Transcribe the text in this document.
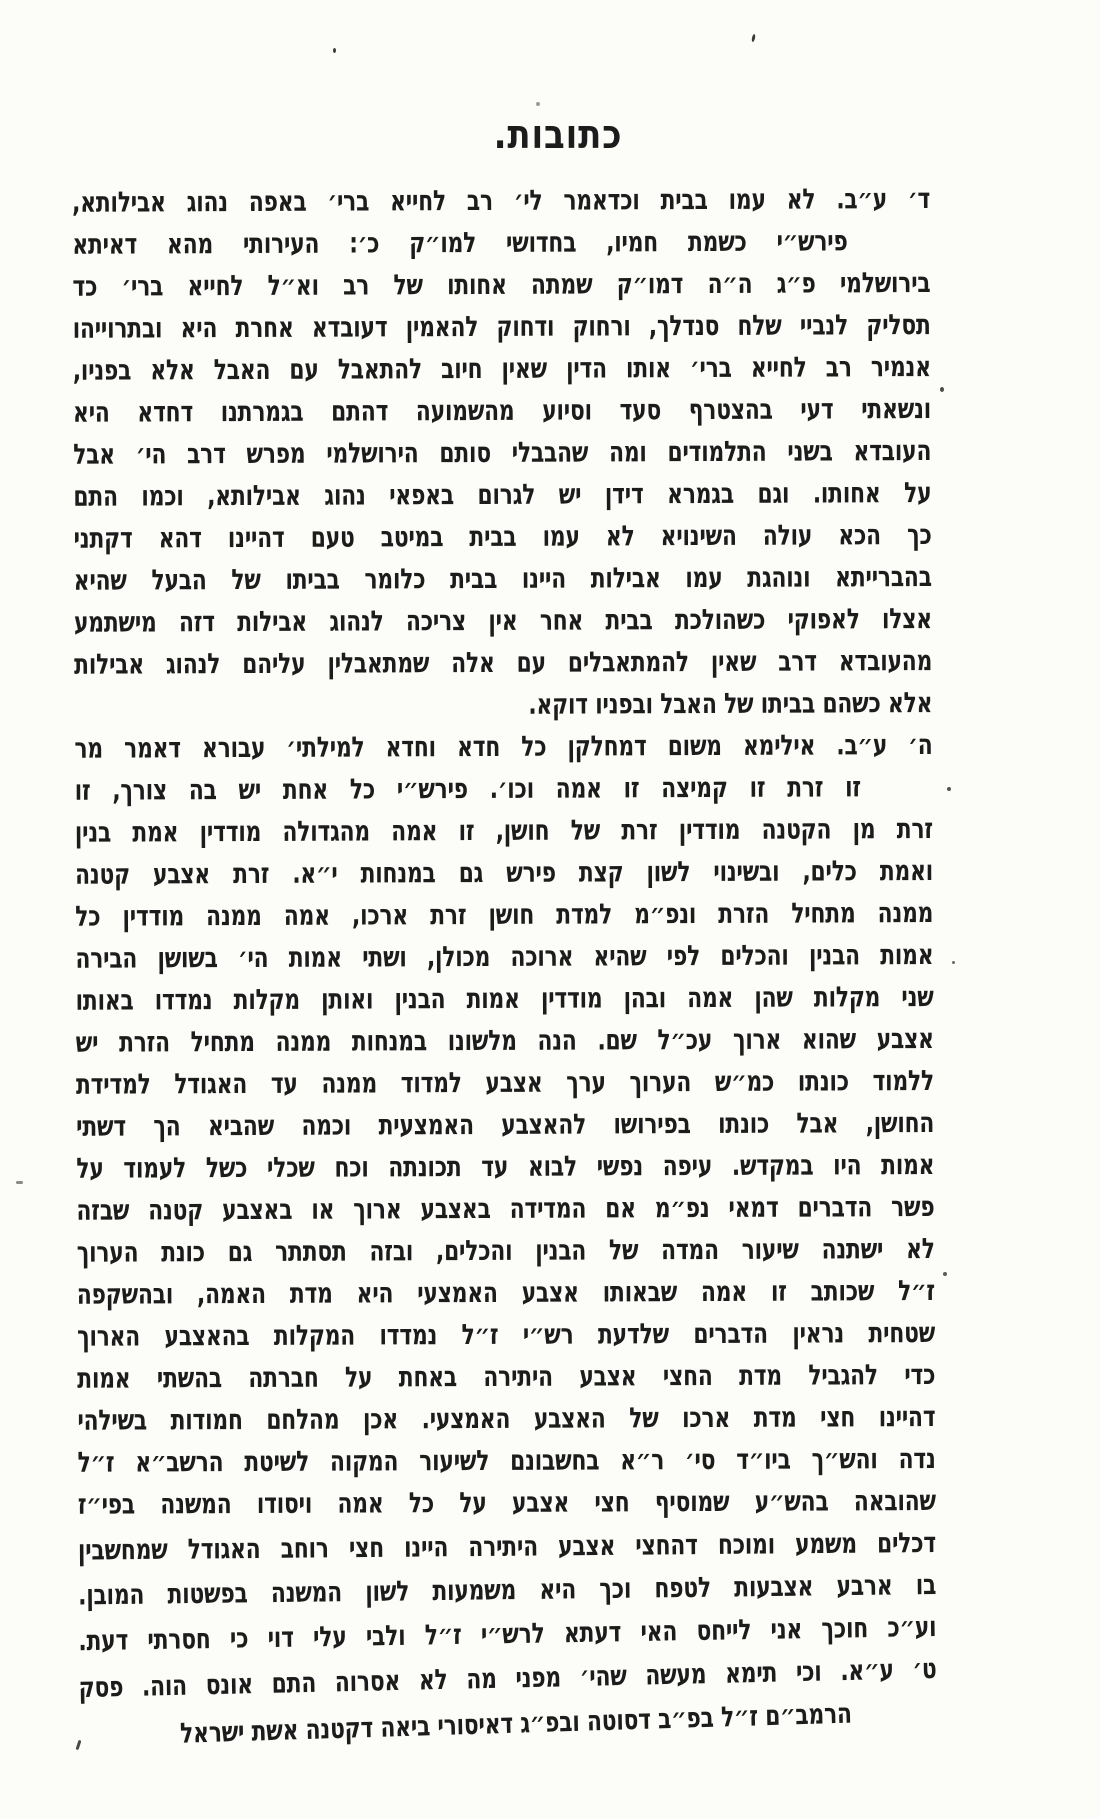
כתובות.
ד׳ ע״ב. לא עמו בבית וכדאמר לי׳ רב לחייא ברי׳ באפה נהוג אבילותא,
פירש״י כשמת חמיו, בחדושי למו״ק כ׳: העירותי מהא דאיתא
בירושלמי פ״ג ה״ה דמו״ק שמתה אחותו של רב וא״ל לחייא ברי׳ כד
תסליק לנביי שלח סנדלך, ורחוק ודחוק להאמין דעובדא אחרת היא ובתרוייהו
אנמיר רב לחייא ברי׳ אותו הדין שאין חיוב להתאבל עם האבל אלא בפניו,
ונשאתי דעי בהצטרף סעד וסיוע מהשמועה דהתם בגמרתנו דחדא היא
העובדא בשני התלמודים ומה שהבבלי סותם הירושלמי מפרש דרב הי׳ אבל
על אחותו. וגם בגמרא דידן יש לגרום באפאי נהוג אבילותא, וכמו התם
כך הכא עולה השינויא לא עמו בבית במיטב טעם דהיינו דהא דקתני
בהברייתא ונוהגת עמו אבילות היינו בבית כלומר בביתו של הבעל שהיא
אצלו לאפוקי כשהולכת בבית אחר אין צריכה לנהוג אבילות דזה מישתמע
מהעובדא דרב שאין להמתאבלים עם אלה שמתאבלין עליהם לנהוג אבילות
אלא כשהם בביתו של האבל ובפניו דוקא.
ה׳ ע״ב. אילימא משום דמחלקן כל חדא וחדא למילתי׳ עבורא דאמר מר
זו זרת זו קמיצה זו אמה וכו׳. פירש״י כל אחת יש בה צורך, זו
זרת מן הקטנה מודדין זרת של חושן, זו אמה מהגדולה מודדין אמת בנין
ואמת כלים, ובשינוי לשון קצת פירש גם במנחות י״א. זרת אצבע קטנה
ממנה מתחיל הזרת ונפ״מ למדת חושן זרת ארכו, אמה ממנה מודדין כל
אמות הבנין והכלים לפי שהיא ארוכה מכולן, ושתי אמות הי׳ בשושן הבירה
שני מקלות שהן אמה ובהן מודדין אמות הבנין ואותן מקלות נמדדו באותו
אצבע שהוא ארוך עכ״ל שם. הנה מלשונו במנחות ממנה מתחיל הזרת יש
ללמוד כונתו כמ״ש הערוך ערך אצבע למדוד ממנה עד האגודל למדידת
החושן, אבל כונתו בפירושו להאצבע האמצעית וכמה שהביא הך דשתי
אמות היו במקדש. עיפה נפשי לבוא עד תכונתה וכח שכלי כשל לעמוד על
פשר הדברים דמאי נפ״מ אם המדידה באצבע ארוך או באצבע קטנה שבזה
לא ישתנה שיעור המדה של הבנין והכלים, ובזה תסתתר גם כונת הערוך
ז״ל שכותב זו אמה שבאותו אצבע האמצעי היא מדת האמה, ובהשקפה
שטחית נראין הדברים שלדעת רש״י ז״ל נמדדו המקלות בהאצבע הארוך
כדי להגביל מדת החצי אצבע היתירה באחת על חברתה בהשתי אמות
דהיינו חצי מדת ארכו של האצבע האמצעי. אכן מהלחם חמודות בשילהי
נדה והש״ך ביו״ד סי׳ ר״א בחשבונם לשיעור המקוה לשיטת הרשב״א ז״ל
שהובאה בהש״ע שמוסיף חצי אצבע על כל אמה ויסודו המשנה בפי״ז
דכלים משמע ומוכח דהחצי אצבע היתירה היינו חצי רוחב האגודל שמחשבין
בו ארבע אצבעות לטפח וכך היא משמעות לשון המשנה בפשטות המובן.
וע״כ חוכך אני לייחס האי דעתא לרש״י ז״ל ולבי עלי דוי כי חסרתי דעת.
ט׳ ע״א. וכי תימא מעשה שהי׳ מפני מה לא אסרוה התם אונס הוה. פסק
הרמב״ם ז״ל בפ״ב דסוטה ובפ״ג דאיסורי ביאה דקטנה אשת ישראל
